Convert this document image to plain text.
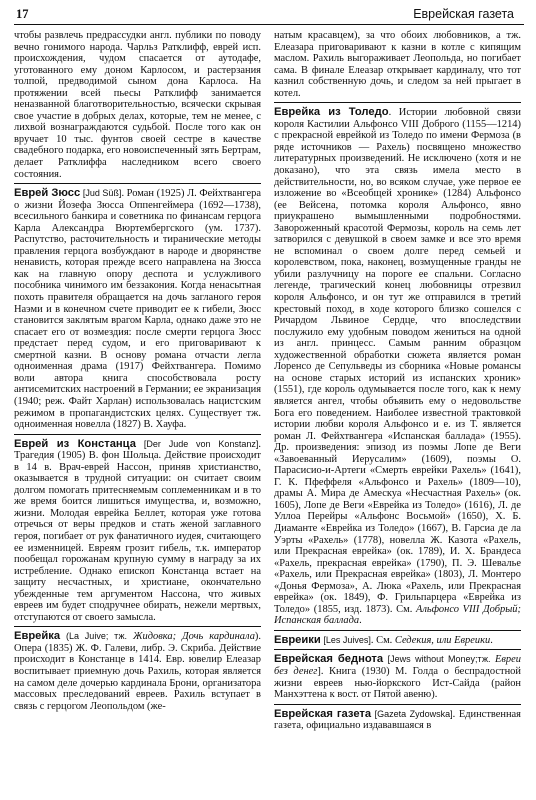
17	Еврейская газета

чтобы развлечь предрассудки англ. публики по поводу вечно гонимого народа. Чарльз Ратклифф, еврей исп. происхождения, чудом спасается от аутодафе, уготованного ему доном Карлосом, и растерзания толпой, предводимой сыном дона Карлоса. На протяжении всей пьесы Ратклифф занимается неназванной благотворительностью, всячески скрывая свое участие в добрых делах, которые, тем не менее, с лихвой вознаграждаются судьбой. После того как он вручает 10 тыс. фунтов своей сестре в качестве свадебного подарка, его новоиспеченный зять Бертрам, делает Ратклиффа наследником всего своего состояния.

Еврей Зюсс [Jud Süß]. Роман (1925) Л. Фейхтвангера о жизни Йозефа Зюсса Оппенгеймера (1692—1738), всесильного банкира и советника по финансам герцога Карла Александра Вюртембергского (ум. 1737). Распутство, расточительность и тиранические методы правления герцога возбуждают в народе и дворянстве ненависть, которая прежде всего направлена на Зюсса как на главную опору деспота и услужливого пособника чинимого им беззакония. Когда ненасытная похоть правителя обращается на дочь загланого героя Наэми и в конечном счете приводит ее к гибели, Зюсс становится заклятым врагом Карла, однако даже это не спасает его от возмездия: после смерти герцога Зюсс предстает перед судом, и его приговаривают к смертной казни. В основу романа отчасти легла одноименная драма (1917) Фейхтвангера. Помимо воли автора книга способствовала росту антисемитских настроений в Германии; ее экранизация (1940; реж. Файт Харлан) использовалась нацистским режимом в пропагандистских целях. Существует тж. одноименная новелла (1827) В. Хауфа.

Еврей из Констанца [Der Jude von Konstanz]. Трагедия (1905) В. фон Шольца. Действие происходит в 14 в. Врач-еврей Нассон, приняв христианство, оказывается в трудной ситуации: он считает своим долгом помогать притесняемым соплеменникам и в то же время боится лишиться имущества, и, возможно, жизни. Молодая еврейка Беллет, которая уже готова отречься от веры предков и стать женой заглавного героя, погибает от рук фанатичного иудея, считающего ее изменницей. Евреям грозит гибель, т.к. император пообещал горожанам крупную сумму в награду за их истребление. Однако епископ Констанца встает на защиту несчастных, и христиане, окончательно убежденные тем аргументом Нассона, что живых евреев им будет сподручнее обирать, нежели мертвых, отступаются от своего замысла.

Еврейка (La Juive; тж. Жидовка; Дочь кардинала). Опера (1835) Ж. Ф. Галеви, либр. Э. Скриба. Действие происходит в Констанце в 1414. Евр. ювелир Елеазар воспитывает приемную дочь Рахиль, которая является на самом деле дочерью кардинала Брони, организатора массовых преследований евреев. Рахиль вступает в связь с герцогом Леопольдом (же-

натым красавцем), за что обоих любовников, а тж. Елеазара приговаривают к казни в котле с кипящим маслом. Рахиль выгораживает Леопольда, но погибает сама. В финале Елеазар открывает кардиналу, что тот казнил собственную дочь, и следом за ней прыгает в котел.

Еврейка из Толедо. Истории любовной связи короля Кастилии Альфонсо VIII Доброго (1155—1214) с прекрасной еврейкой из Толедо по имени Фермоза (в ряде источников — Рахель) посвящено множество литературных произведений. Не исключено (хотя и не доказано), что эта связь имела место в действительности, но, во всяком случае, уже первое ее изложение во «Всеобщей хронике» (1284) Альфонсо (ее Вейсена, потомка короля Альфонсо, явно приукрашено вымышленными подробностями. Завороженный красотой Фермозы, король на семь лет затворился с девушкой в своем замке и все это время не вспоминал о своем долге перед семьей и королевством, пока, наконец, возмущенные гранды не убили разлучницу на пороге ее спальни. Согласно легенде, трагический конец любовницы отрезвил короля Альфонсо, и он тут же отправился в третий крестовый поход, в ходе которого близко сошелся с Ричардом Львиное Сердце, что впоследствии послужило ему удобным поводом жениться на одной из англ. принцесс. Самым ранним образцом художественной обработки сюжета является роман Лоренсо де Сепульведы из сборника «Новые романсы на основе старых историй из испанских хроник» (1551), где король одумывается после того, как к нему является ангел, чтобы объявить ему о недовольстве Бога его поведением. Наиболее известной трактовкой истории любви короля Альфонсо и е. из Т. является роман Л. Фейхтвангера «Испанская баллада» (1955). Др. произведения: эпизод из поэмы Лопе де Веги «Завоеванный Иерусалим» (1609), поэмы О. Парасисио-и-Артеги «Смерть еврейки Рахель» (1641), Г. К. Пфеффеля «Альфонсо и Рахель» (1809—10), драмы А. Мира де Амескуа «Несчастная Рахель» (ок. 1605), Лопе де Веги «Еврейка из Толедо» (1616), Л. де Уллоа Перейры «Альфонс Восьмой» (1650), Х. Б. Диаманте «Еврейка из Толедо» (1667), В. Гарсиа де ла Уэрты «Рахель» (1778), новелла Ж. Казота «Рахель, или Прекрасная еврейка» (ок. 1789), И. Х. Брандеса «Рахель, прекрасная еврейка» (1790), П. Э. Шевалье «Рахель, или Прекрасная еврейка» (1803), Л. Монтеро «Донья Фермоза», А. Люка «Рахель, или Прекрасная еврейка» (ок. 1849), Ф. Грильпарцера «Еврейка из Толедо» (1855, изд. 1873). См. Альфонсо VIII Добрый; Испанская баллада.

Евреики [Les Juives]. См. Седекия, или Евреики.

Еврейская беднота [Jews without Money;тж. Евреи без денег]. Книга (1930) М. Голда о беспрадостной жизни евреев нью-йоркского Ист-Сайда (район Манхэттена к вост. от Пятой авеню).

Еврейская газета [Gazeta Zydowska]. Единственная газета, официально издававшаяся в
